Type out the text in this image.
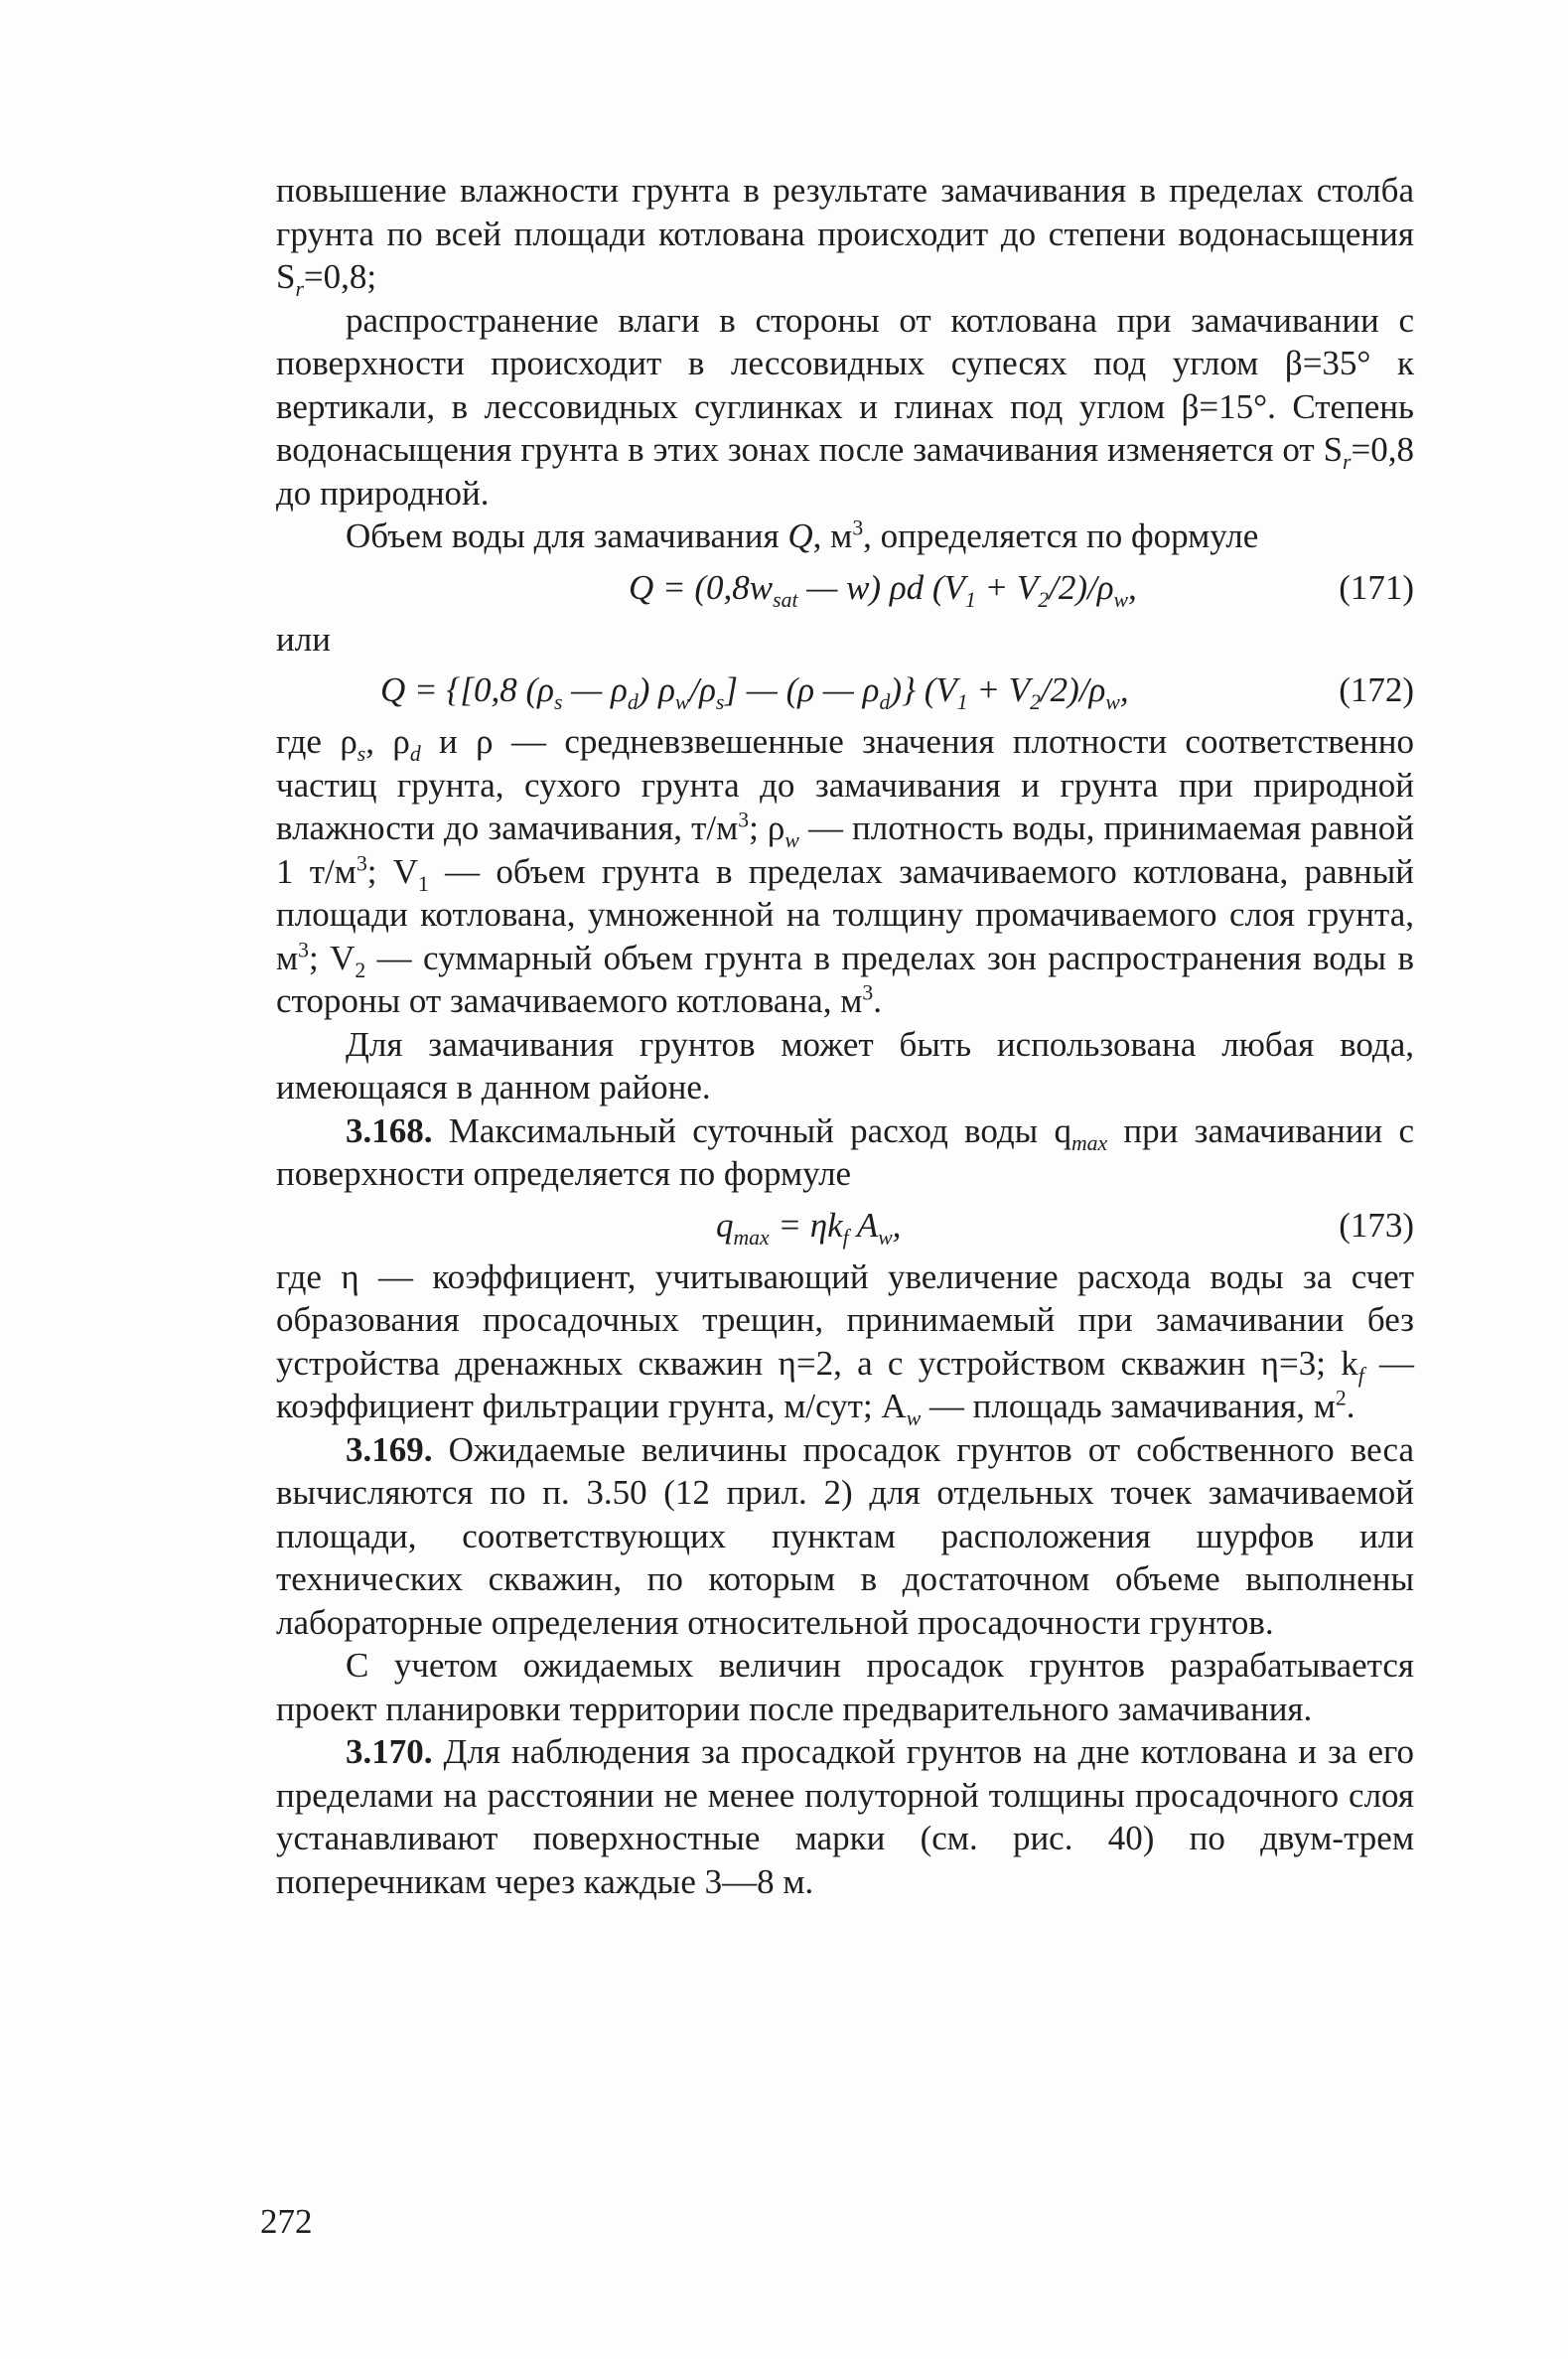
повышение влажности грунта в результате замачивания в пределах столба грунта по всей площади котлована происходит до степени водонасыщения $S_r=0,8$;

распространение влаги в стороны от котлована при замачивании с поверхности происходит в лессовидных супесях под углом β=35° к вертикали, в лессовидных суглинках и глинах под углом β=15°. Степень водонасыщения грунта в этих зонах после замачивания изменяется от $S_r=0,8$ до природной.

Объем воды для замачивания Q, $м^3$, определяется по формуле

$Q = (0,8w_{sat}$ — w) ρd $(V_1 + V_2/2)/\rho_w$,	(171)

или

Q = {[0,8 ($\rho_s$ — $\rho_d$) $\rho_w/\rho_s$] — (ρ — $\rho_d$)} $(V_1 + V_2/2)/\rho_w$,	(172)

где $\rho_s$, $\rho_d$ и ρ — средневзвешенные значения плотности соответственно частиц грунта, сухого грунта до замачивания и грунта при природной влажности до замачивания, $т/м^3$; $\rho_w$ — плотность воды, принимаемая равной 1 $т/м^3$; $V_1$ — объем грунта в пределах замачиваемого котлована, равный площади котлована, умноженной на толщину промачиваемого слоя грунта, $м^3$; $V_2$ — суммарный объем грунта в пределах зон распространения воды в стороны от замачиваемого котлована, $м^3$.

Для замачивания грунтов может быть использована любая вода, имеющаяся в данном районе.

3.168. Максимальный суточный расход воды $q_{max}$ при замачивании с поверхности определяется по формуле

$q_{max} = \eta k_f$ $A_w$,	(173)

где η — коэффициент, учитывающий увеличение расхода воды за счет образования просадочных трещин, принимаемый при замачивании без устройства дренажных скважин η=2, а с устройством скважин η=3; $k_f$ — коэффициент фильтрации грунта, м/сут; $A_w$ — площадь замачивания, $м^2$.

3.169. Ожидаемые величины просадок грунтов от собственного веса вычисляются по п. 3.50 (12 прил. 2) для отдельных точек замачиваемой площади, соответствующих пунктам расположения шурфов или технических скважин, по которым в достаточном объеме выполнены лабораторные определения относительной просадочности грунтов.

С учетом ожидаемых величин просадок грунтов разрабатывается проект планировки территории после предварительного замачивания.

3.170. Для наблюдения за просадкой грунтов на дне котлована и за его пределами на расстоянии не менее полуторной толщины просадочного слоя устанавливают поверхностные марки (см. рис. 40) по двум-трем поперечникам через каждые 3—8 м.

272
